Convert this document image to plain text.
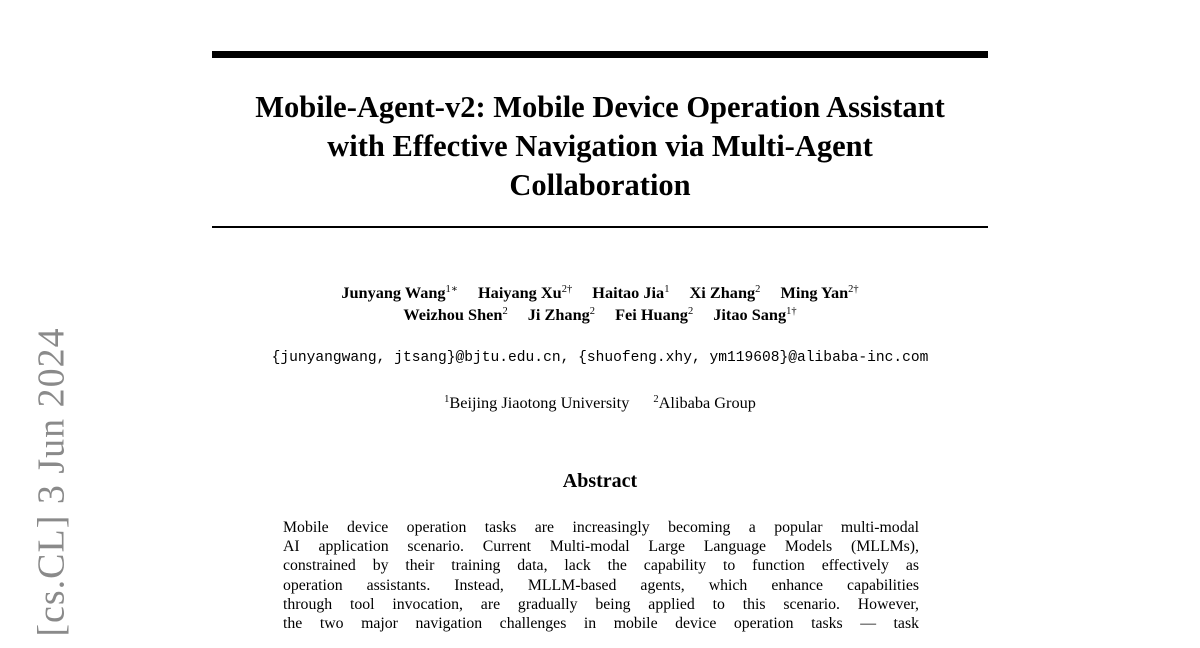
[cs.CL] 3 Jun 2024
Mobile-Agent-v2: Mobile Device Operation Assistant
with Effective Navigation via Multi-Agent
Collaboration
Junyang Wang$^{1∗}$ Haiyang $Xu^{2\dagger}$ Haitao Jia$^1$ Xi Zhang$^2$ Ming Yan$^{2\dagger}$
Weizhou Shen$^2$ Ji Zhang$^2$ Fei Huang$^2$ Jitao Sang$^{1\dagger}$
{junyangwang, jtsang}@bjtu.edu.cn, {shuofeng.xhy, ym119608}@alibaba-inc.com
$^1$Beijing Jiaotong University $^2$Alibaba Group
Abstract
Mobile device operation tasks are increasingly becoming a popular multi-modal
AI application scenario. Current Multi-modal Large Language Models (MLLMs),
constrained by their training data, lack the capability to function effectively as
operation assistants. Instead, MLLM-based agents, which enhance capabilities
through tool invocation, are gradually being applied to this scenario. However,
the two major navigation challenges in mobile device operation tasks — task
